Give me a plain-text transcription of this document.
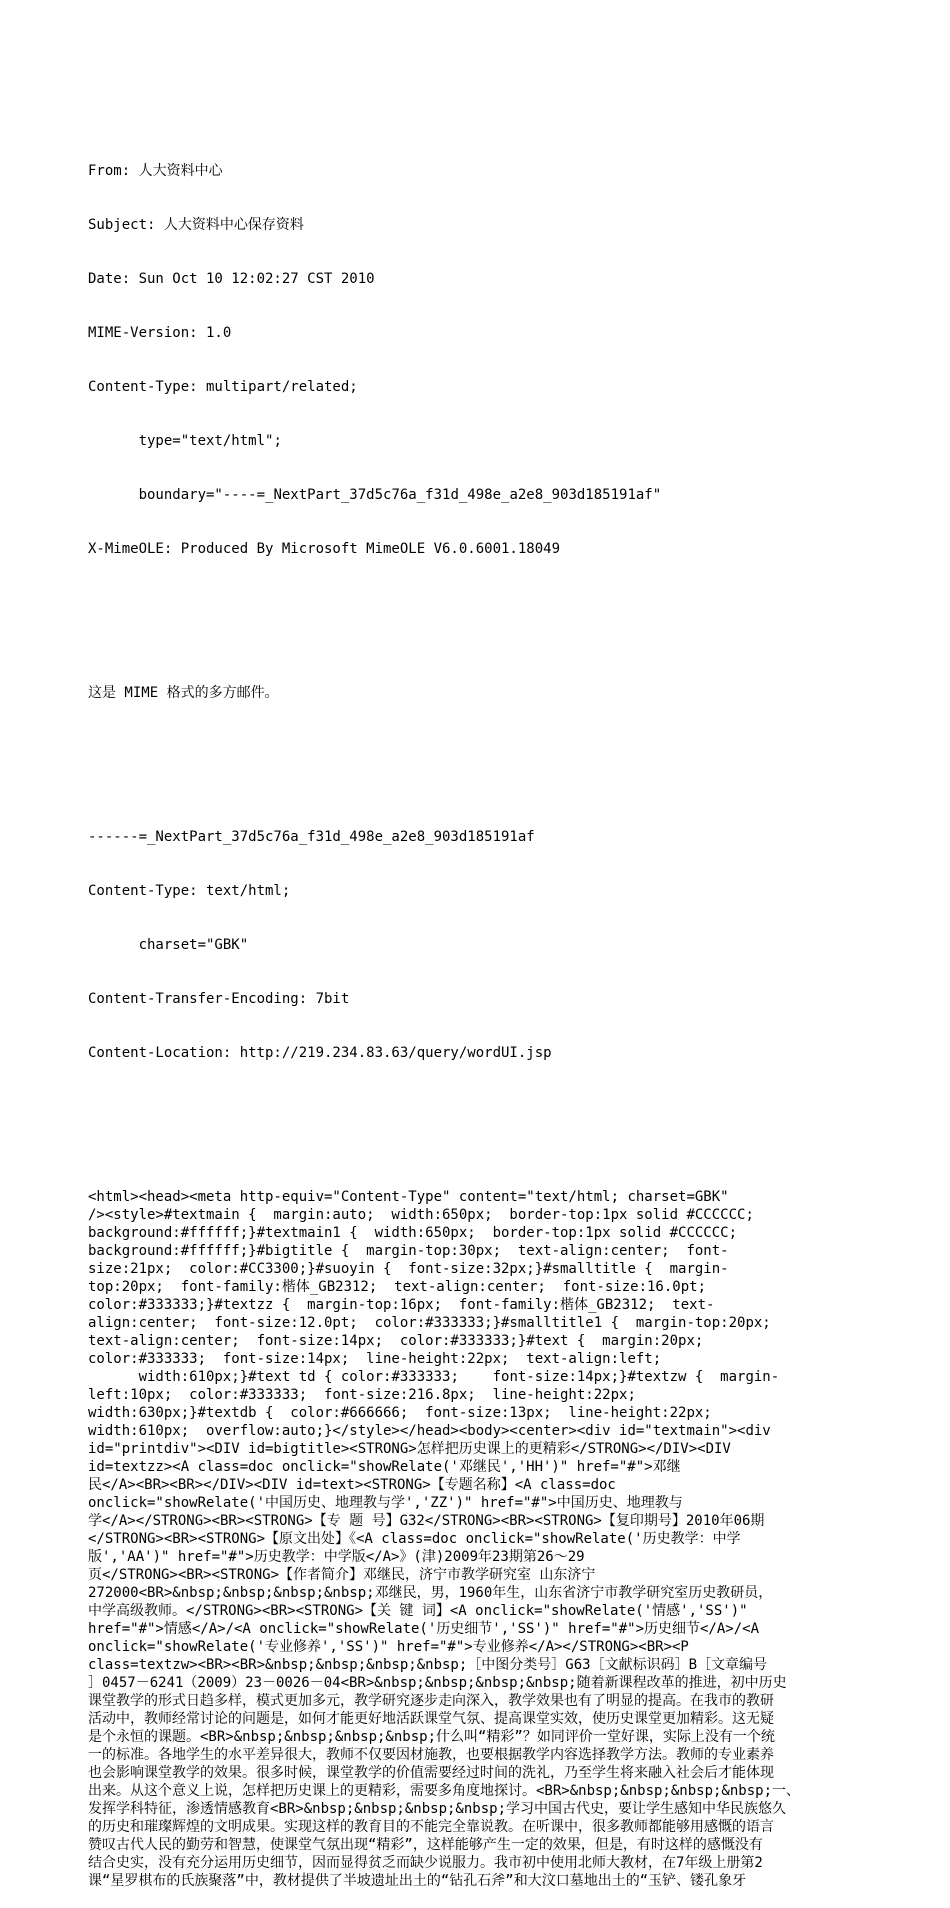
From: 人大资料中心

Subject: 人大资料中心保存资料

Date: Sun Oct 10 12:02:27 CST 2010

MIME-Version: 1.0

Content-Type: multipart/related;

type="text/html";

boundary="----=_NextPart_37d5c76a_f31d_498e_a2e8_903d185191af"

X-MimeOLE: Produced By Microsoft MimeOLE V6.0.6001.18049

这是 MIME 格式的多方邮件。

------=_NextPart_37d5c76a_f31d_498e_a2e8_903d185191af

Content-Type: text/html;

charset="GBK"

Content-Transfer-Encoding: 7bit

Content-Location: http://219.234.83.63/query/wordUI.jsp

<html><head><meta http-equiv="Content-Type" content="text/html; charset=GBK"
/><style>#textmain {  margin:auto;  width:650px;  border-top:1px solid #CCCCCC;
background:#ffffff;}#textmain1 {  width:650px;  border-top:1px solid #CCCCCC;
background:#ffffff;}#bigtitle {  margin-top:30px;  text-align:center;  font-
size:21px;  color:#CC3300;}#suoyin {  font-size:32px;}#smalltitle {  margin-
top:20px;  font-family:楷体_GB2312;  text-align:center;  font-size:16.0pt;
color:#333333;}#textzz {  margin-top:16px;  font-family:楷体_GB2312;  text-
align:center;  font-size:12.0pt;  color:#333333;}#smalltitle1 {  margin-top:20px;
text-align:center;  font-size:14px;  color:#333333;}#text {  margin:20px;
color:#333333;  font-size:14px;  line-height:22px;  text-align:left;
width:610px;}#text td { color:#333333;    font-size:14px;}#textzw {  margin-
left:10px;  color:#333333;  font-size:216.8px;  line-height:22px;
width:630px;}#textdb {  color:#666666;  font-size:13px;  line-height:22px;
width:610px;  overflow:auto;}</style></head><body><center><div id="textmain"><div
id="printdiv"><DIV id=bigtitle><STRONG>怎样把历史课上的更精彩</STRONG></DIV><DIV
id=textzz><A class=doc onclick="showRelate('邓继民','HH')" href="#">邓继
民</A><BR><BR></DIV><DIV id=text><STRONG>【专题名称】<A class=doc
onclick="showRelate('中国历史、地理教与学','ZZ')" href="#">中国历史、地理教与
学</A></STRONG><BR><STRONG>【专 题 号】G32</STRONG><BR><STRONG>【复印期号】2010年06期
</STRONG><BR><STRONG>【原文出处】《<A class=doc onclick="showRelate('历史教学：中学
版','AA')" href="#">历史教学：中学版</A>》(津)2009年23期第26～29
页</STRONG><BR><STRONG>【作者简介】邓继民，济宁市教学研究室 山东济宁
272000<BR>&nbsp;&nbsp;&nbsp;&nbsp;邓继民，男，1960年生，山东省济宁市教学研究室历史教研员，
中学高级教师。</STRONG><BR><STRONG>【关 键 词】<A onclick="showRelate('情感','SS')"
href="#">情感</A>/<A onclick="showRelate('历史细节','SS')" href="#">历史细节</A>/<A
onclick="showRelate('专业修养','SS')" href="#">专业修养</A></STRONG><BR><P
class=textzw><BR><BR>&nbsp;&nbsp;&nbsp;&nbsp;［中图分类号］G63［文献标识码］B［文章编号
］0457－6241（2009）23－0026－04<BR>&nbsp;&nbsp;&nbsp;&nbsp;随着新课程改革的推进，初中历史
课堂教学的形式日趋多样，模式更加多元，教学研究逐步走向深入，教学效果也有了明显的提高。在我市的教研
活动中，教师经常讨论的问题是，如何才能更好地活跃课堂气氛、提高课堂实效，使历史课堂更加精彩。这无疑
是个永恒的课题。<BR>&nbsp;&nbsp;&nbsp;&nbsp;什么叫“精彩”？如同评价一堂好课，实际上没有一个统
一的标准。各地学生的水平差异很大，教师不仅要因材施教，也要根据教学内容选择教学方法。教师的专业素养
也会影响课堂教学的效果。很多时候，课堂教学的价值需要经过时间的洗礼，乃至学生将来融入社会后才能体现
出来。从这个意义上说，怎样把历史课上的更精彩，需要多角度地探讨。<BR>&nbsp;&nbsp;&nbsp;&nbsp;一、
发挥学科特征，渗透情感教育<BR>&nbsp;&nbsp;&nbsp;&nbsp;学习中国古代史，要让学生感知中华民族悠久
的历史和璀璨辉煌的文明成果。实现这样的教育目的不能完全靠说教。在听课中，很多教师都能够用感慨的语言
赞叹古代人民的勤劳和智慧，使课堂气氛出现“精彩”，这样能够产生一定的效果，但是，有时这样的感慨没有
结合史实，没有充分运用历史细节，因而显得贫乏而缺少说服力。我市初中使用北师大教材，在7年级上册第2
课“星罗棋布的氏族聚落”中，教材提供了半坡遗址出土的“钻孔石斧”和大汶口墓地出土的“玉铲、镂孔象牙
